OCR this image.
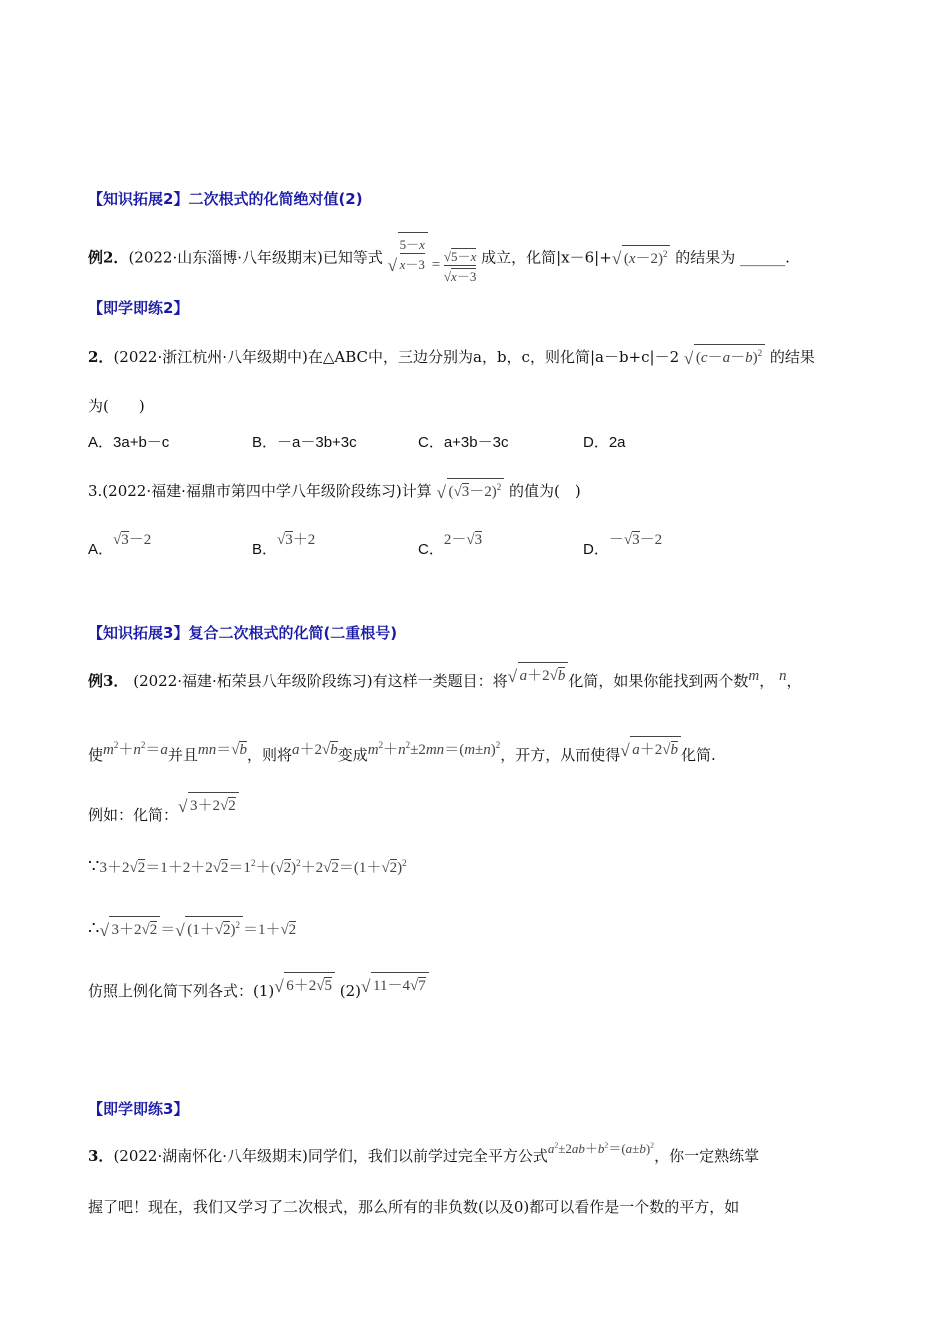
【知识拓展2】二次根式的化简绝对值(2)
例2．(2022·山东淄博·八年级期末)已知等式 √ $\frac{5-x}{x-3} = \frac{√5-x}{√x-3}$ 成立，化简|x－6|+ √ $(x-2)^2$ 的结果为 ______.
【即学即练2】
2．(2022·浙江杭州·八年级期中)在△ABC中，三边分别为a，b，c，则化简|a－b+c|－2 √ $(c-a-b)^2$ 的结果
为(　　)
A．3a+b－c	B．－a－3b+3c	C．a+3b－3c	D．2a
3.(2022·福建·福鼎市第四中学八年级阶段练习)计算 √ $(√3-2)^2$ 的值为(　)
A．√3－2
B．√3＋2
C．2－√3
D．－√3－2
【知识拓展3】复合二次根式的化简(二重根号)
例3． (2022·福建·柘荣县八年级阶段练习)有这样一类题目：将 √ a＋2√b 化简，如果你能找到两个数m， n，
使$m^2+n^2=a$并且mn＝√b，则将a＋2√b变成$m^2+n^2\pm 2mn=(m\pm n)^2$，开方，从而使得 √ a＋2√b 化简.
例如：化简： √ 3＋2√2
$\because 3+2√2=1+2+2√2=1^2+(√2)^2+2√2=(1+√2)^2$
∴ √ 3＋2√2 ＝ √ $(1+√2)^2 =1+√2$
仿照上例化简下列各式：(1) √ 6＋2√5 (2) √ 11－4√7
【即学即练3】
3．(2022·湖南怀化·八年级期末)同学们，我们以前学过完全平方公式$a^2\pm 2ab+b^2=(a\pm b)^2$，你一定熟练掌
握了吧！现在，我们又学习了二次根式，那么所有的非负数(以及0)都可以看作是一个数的平方，如
